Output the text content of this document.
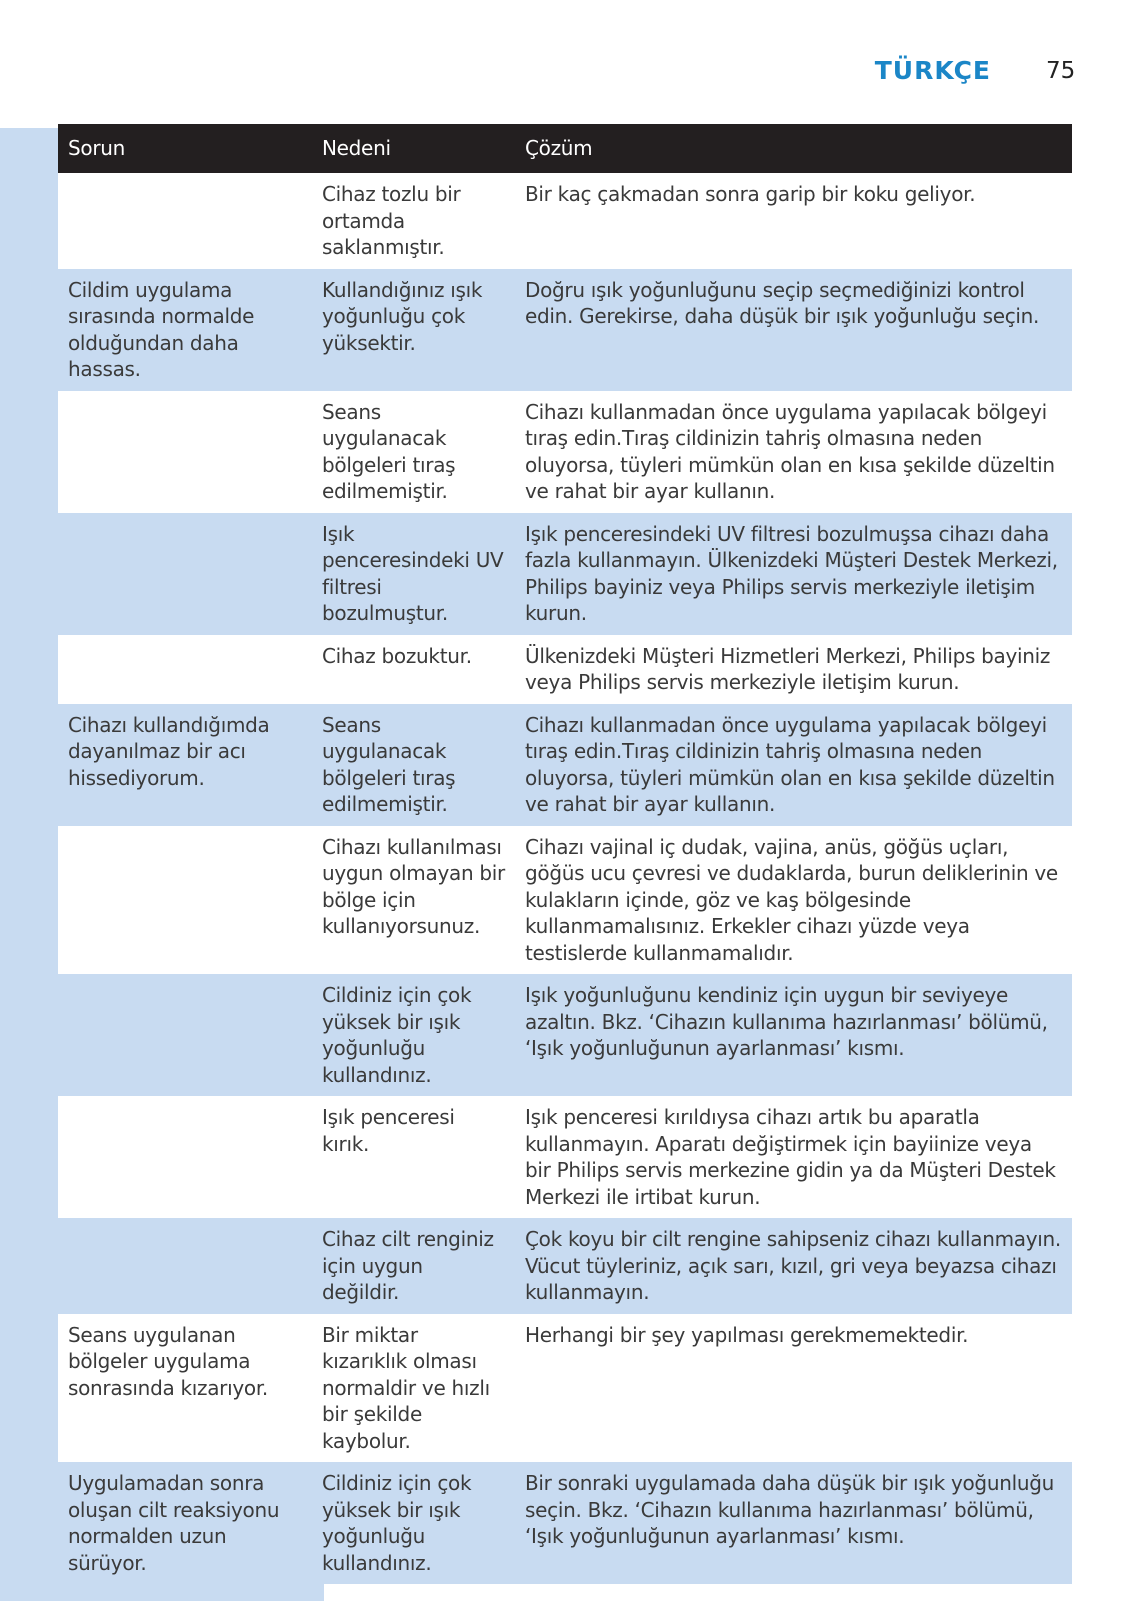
TÜRKÇE 75
Sorun	Nedeni	Çözüm
	Cihaz tozlu bir ortamda saklanmıştır.	Bir kaç çakmadan sonra garip bir koku geliyor.
Cildim uygulama sırasında normalde olduğundan daha hassas.	Kullandığınız ışık yoğunluğu çok yüksektir.	Doğru ışık yoğunluğunu seçip seçmediğinizi kontrol edin. Gerekirse, daha düşük bir ışık yoğunluğu seçin.
	Seans uygulanacak bölgeleri tıraş edilmemiştir.	Cihazı kullanmadan önce uygulama yapılacak bölgeyi tıraş edin.Tıraş cildinizin tahriş olmasına neden oluyorsa, tüyleri mümkün olan en kısa şekilde düzeltin ve rahat bir ayar kullanın.
	Işık penceresindeki UV filtresi bozulmuştur.	Işık penceresindeki UV filtresi bozulmuşsa cihazı daha fazla kullanmayın. Ülkenizdeki Müşteri Destek Merkezi, Philips bayiniz veya Philips servis merkeziyle iletişim kurun.
	Cihaz bozuktur.	Ülkenizdeki Müşteri Hizmetleri Merkezi, Philips bayiniz veya Philips servis merkeziyle iletişim kurun.
Cihazı kullandığımda dayanılmaz bir acı hissediyorum.	Seans uygulanacak bölgeleri tıraş edilmemiştir.	Cihazı kullanmadan önce uygulama yapılacak bölgeyi tıraş edin.Tıraş cildinizin tahriş olmasına neden oluyorsa, tüyleri mümkün olan en kısa şekilde düzeltin ve rahat bir ayar kullanın.
	Cihazı kullanılması uygun olmayan bir bölge için kullanıyorsunuz.	Cihazı vajinal iç dudak, vajina, anüs, göğüs uçları, göğüs ucu çevresi ve dudaklarda, burun deliklerinin ve kulakların içinde, göz ve kaş bölgesinde kullanmamalısınız. Erkekler cihazı yüzde veya testislerde kullanmamalıdır.
	Cildiniz için çok yüksek bir ışık yoğunluğu kullandınız.	Işık yoğunluğunu kendiniz için uygun bir seviyeye azaltın. Bkz. ‘Cihazın kullanıma hazırlanması’ bölümü, ‘Işık yoğunluğunun ayarlanması’ kısmı.
	Işık penceresi kırık.	Işık penceresi kırıldıysa cihazı artık bu aparatla kullanmayın. Aparatı değiştirmek için bayiinize veya bir Philips servis merkezine gidin ya da Müşteri Destek Merkezi ile irtibat kurun.
	Cihaz cilt renginiz için uygun değildir.	Çok koyu bir cilt rengine sahipseniz cihazı kullanmayın. Vücut tüyleriniz, açık sarı, kızıl, gri veya beyazsa cihazı kullanmayın.
Seans uygulanan bölgeler uygulama sonrasında kızarıyor.	Bir miktar kızarıklık olması normaldir ve hızlı bir şekilde kaybolur.	Herhangi bir şey yapılması gerekmemektedir.
Uygulamadan sonra oluşan cilt reaksiyonu normalden uzun sürüyor.	Cildiniz için çok yüksek bir ışık yoğunluğu kullandınız.	Bir sonraki uygulamada daha düşük bir ışık yoğunluğu seçin. Bkz. ‘Cihazın kullanıma hazırlanması’ bölümü, ‘Işık yoğunluğunun ayarlanması’ kısmı.
